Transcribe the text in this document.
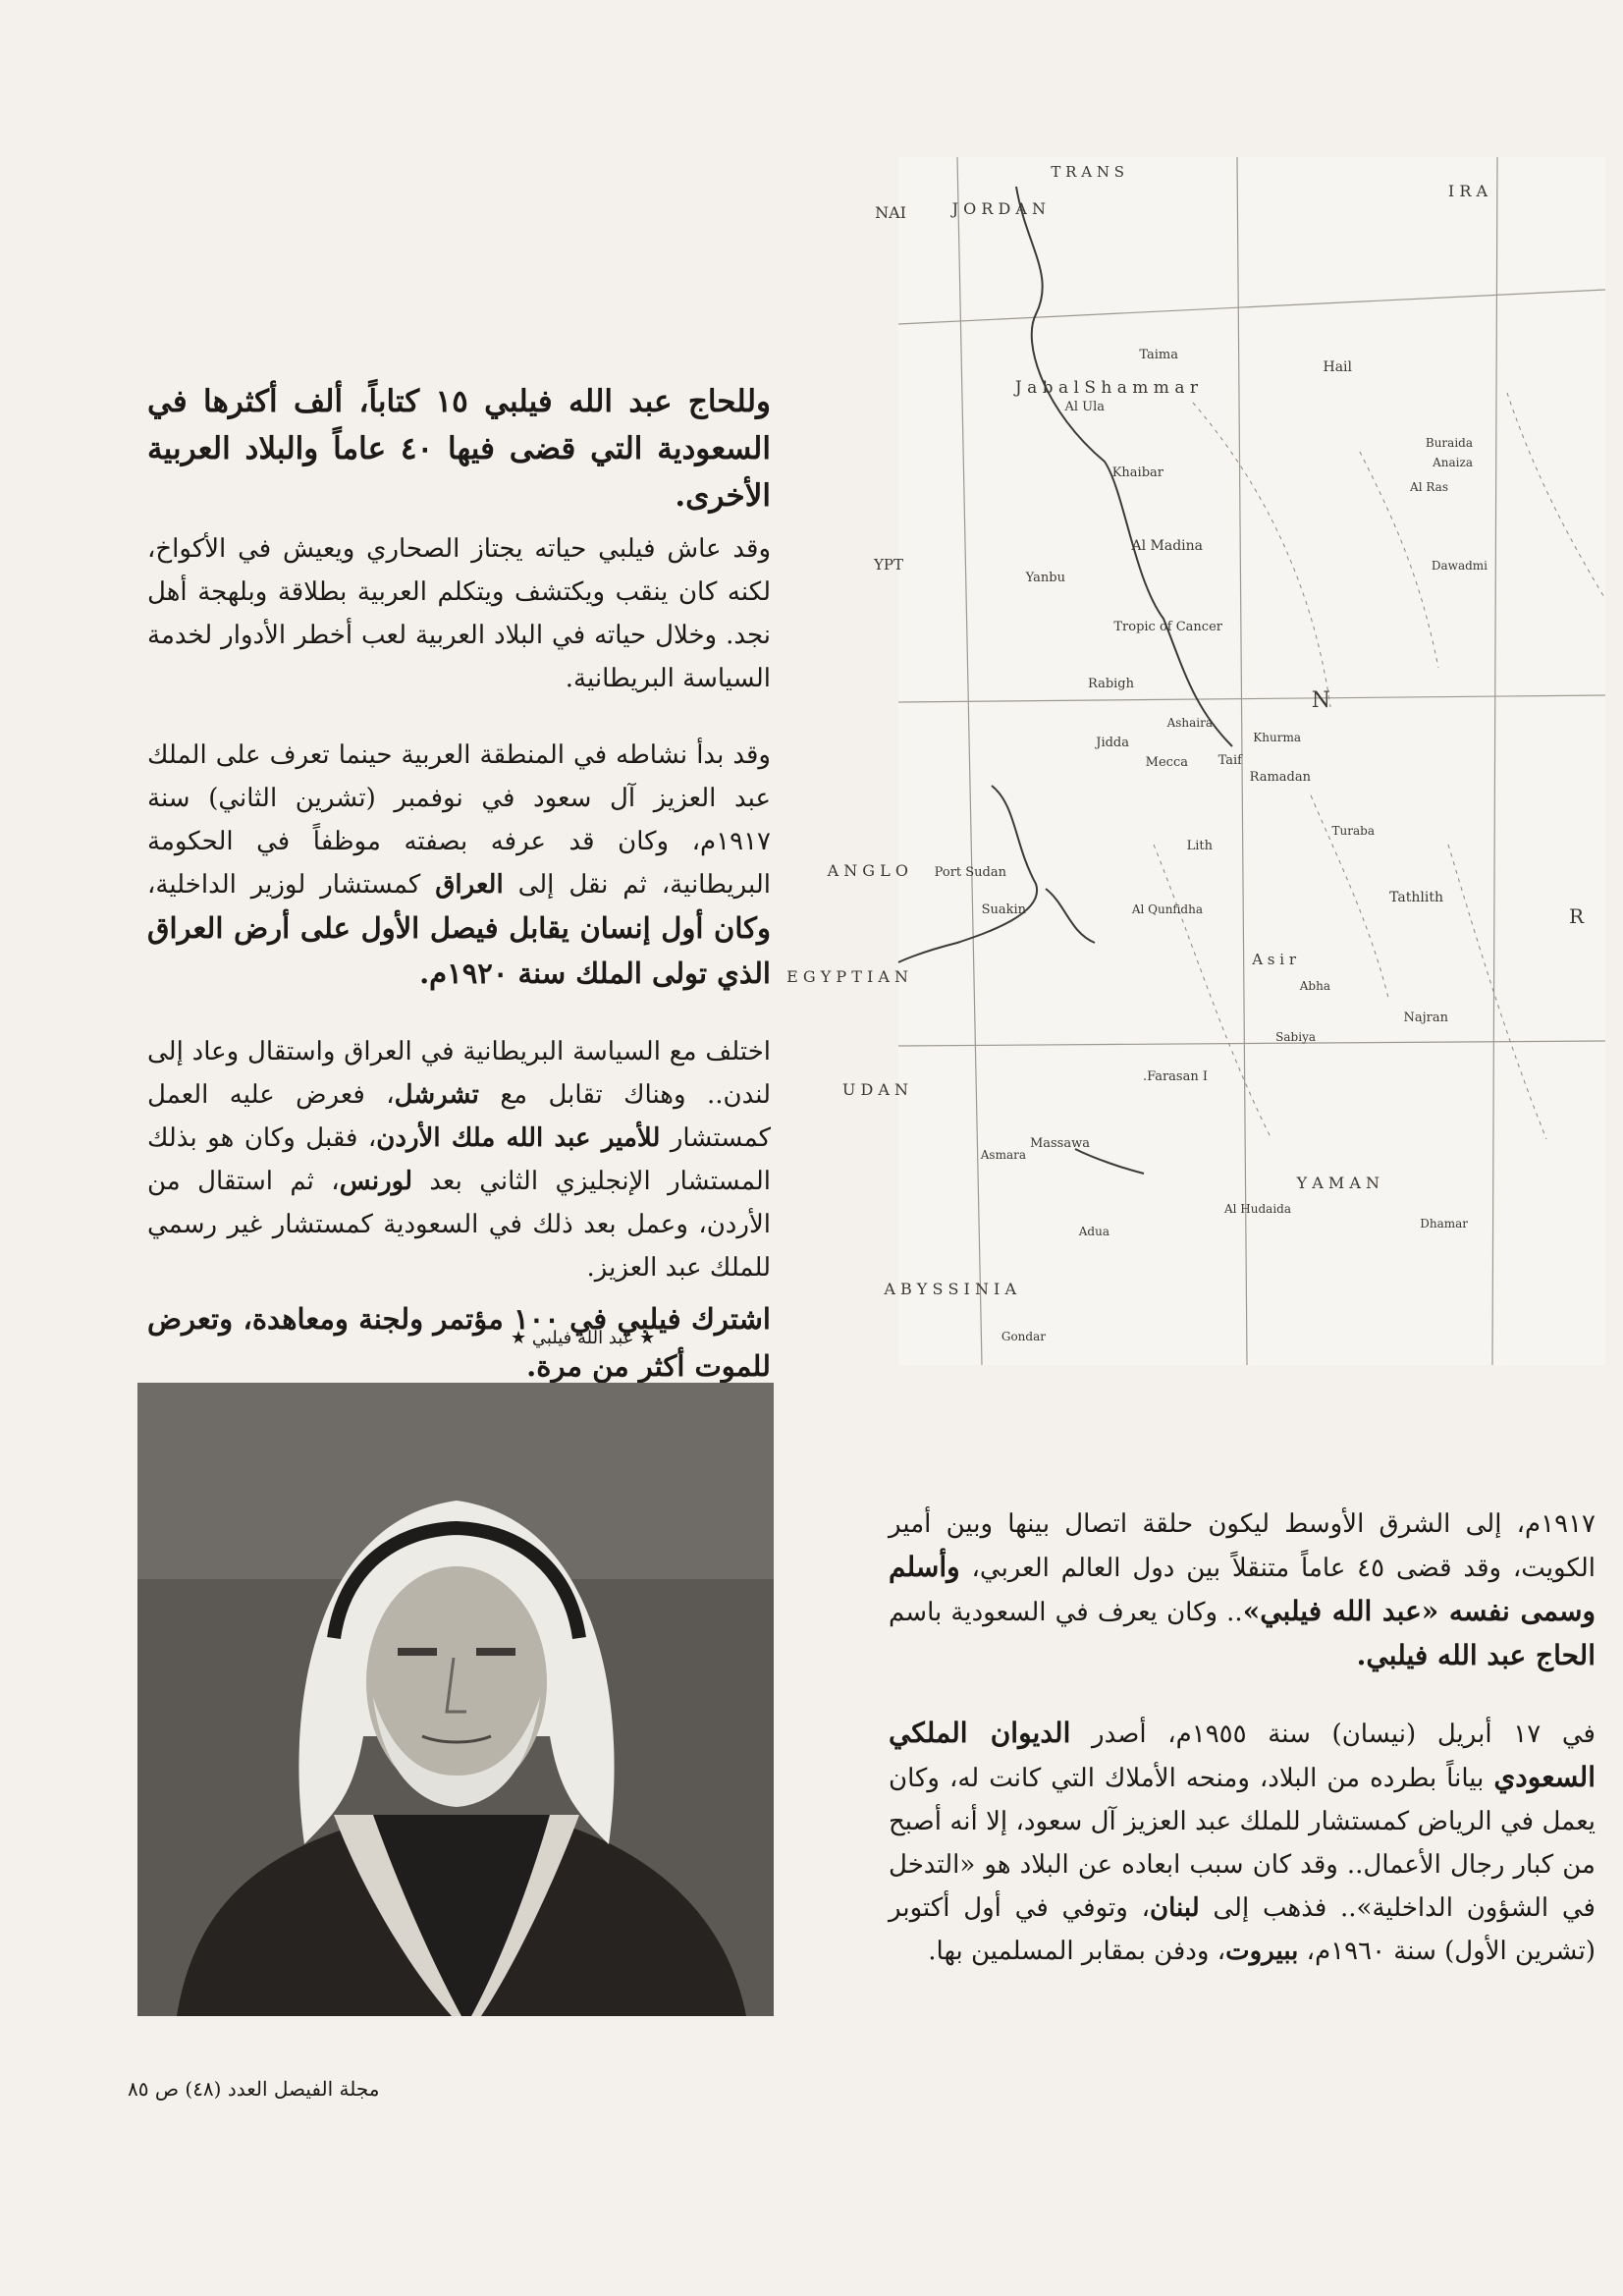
T R A N S
J O R D A N
NAI
I R A
YPT
J a b a l S h a m m a r
Hail
Taima
Al Ula
Khaibar
Al Madina
Yanbu
Tropic of Cancer
Rabigh
Jidda
Mecca Taif
Ramadan
Lith
Port Sudan
Suakin
A N G L O
E G Y P T I A N
U D A N
A s i r
Tathlith
Farasan I.
Massawa
Y A M A N
A B Y S S I N I A
N
R
Buraida
Anaiza
Al Ras
Dawadmi
Khurma
Abha
Sabiya
Al Hudaida
Dhamar
Gondar
Adua
Asmara
Al Qunfidha
Najran
Ashaira
Turaba

وللحاج عبد الله فيلبي ١٥ كتاباً، ألف أكثرها في السعودية التي قضى فيها ٤٠ عاماً والبلاد العربية الأخرى.

وقد عاش فيلبي حياته يجتاز الصحاري ويعيش في الأكواخ، لكنه كان ينقب ويكتشف ويتكلم العربية بطلاقة وبلهجة أهل نجد. وخلال حياته في البلاد العربية لعب أخطر الأدوار لخدمة السياسة البريطانية.

وقد بدأ نشاطه في المنطقة العربية حينما تعرف على الملك عبد العزيز آل سعود في نوفمبر (تشرين الثاني) سنة ١٩١٧م، وكان قد عرفه بصفته موظفاً في الحكومة البريطانية، ثم نقل إلى العراق كمستشار لوزير الداخلية، وكان أول إنسان يقابل فيصل الأول على أرض العراق الذي تولى الملك سنة ١٩٢٠م.

اختلف مع السياسة البريطانية في العراق واستقال وعاد إلى لندن.. وهناك تقابل مع تشرشل، فعرض عليه العمل كمستشار للأمير عبد الله ملك الأردن، فقبل وكان هو بذلك المستشار الإنجليزي الثاني بعد لورنس، ثم استقال من الأردن، وعمل بعد ذلك في السعودية كمستشار غير رسمي للملك عبد العزيز.

اشترك فيلبي في ١٠٠ مؤتمر ولجنة ومعاهدة، وتعرض للموت أكثر من مرة.

★ عبد الله فيلبي ★

١٩١٧م، إلى الشرق الأوسط ليكون حلقة اتصال بينها وبين أمير الكويت، وقد قضى ٤٥ عاماً متنقلاً بين دول العالم العربي، وأسلم وسمى نفسه «عبد الله فيلبي».. وكان يعرف في السعودية باسم الحاج عبد الله فيلبي.

في ١٧ أبريل (نيسان) سنة ١٩٥٥م، أصدر الديوان الملكي السعودي بياناً بطرده من البلاد، ومنحه الأملاك التي كانت له، وكان يعمل في الرياض كمستشار للملك عبد العزيز آل سعود، إلا أنه أصبح من كبار رجال الأعمال.. وقد كان سبب ابعاده عن البلاد هو «التدخل في الشؤون الداخلية».. فذهب إلى لبنان، وتوفي في أول أكتوبر (تشرين الأول) سنة ١٩٦٠م، ببيروت، ودفن بمقابر المسلمين بها.

مجلة الفيصل العدد (٤٨) ص ٨٥
